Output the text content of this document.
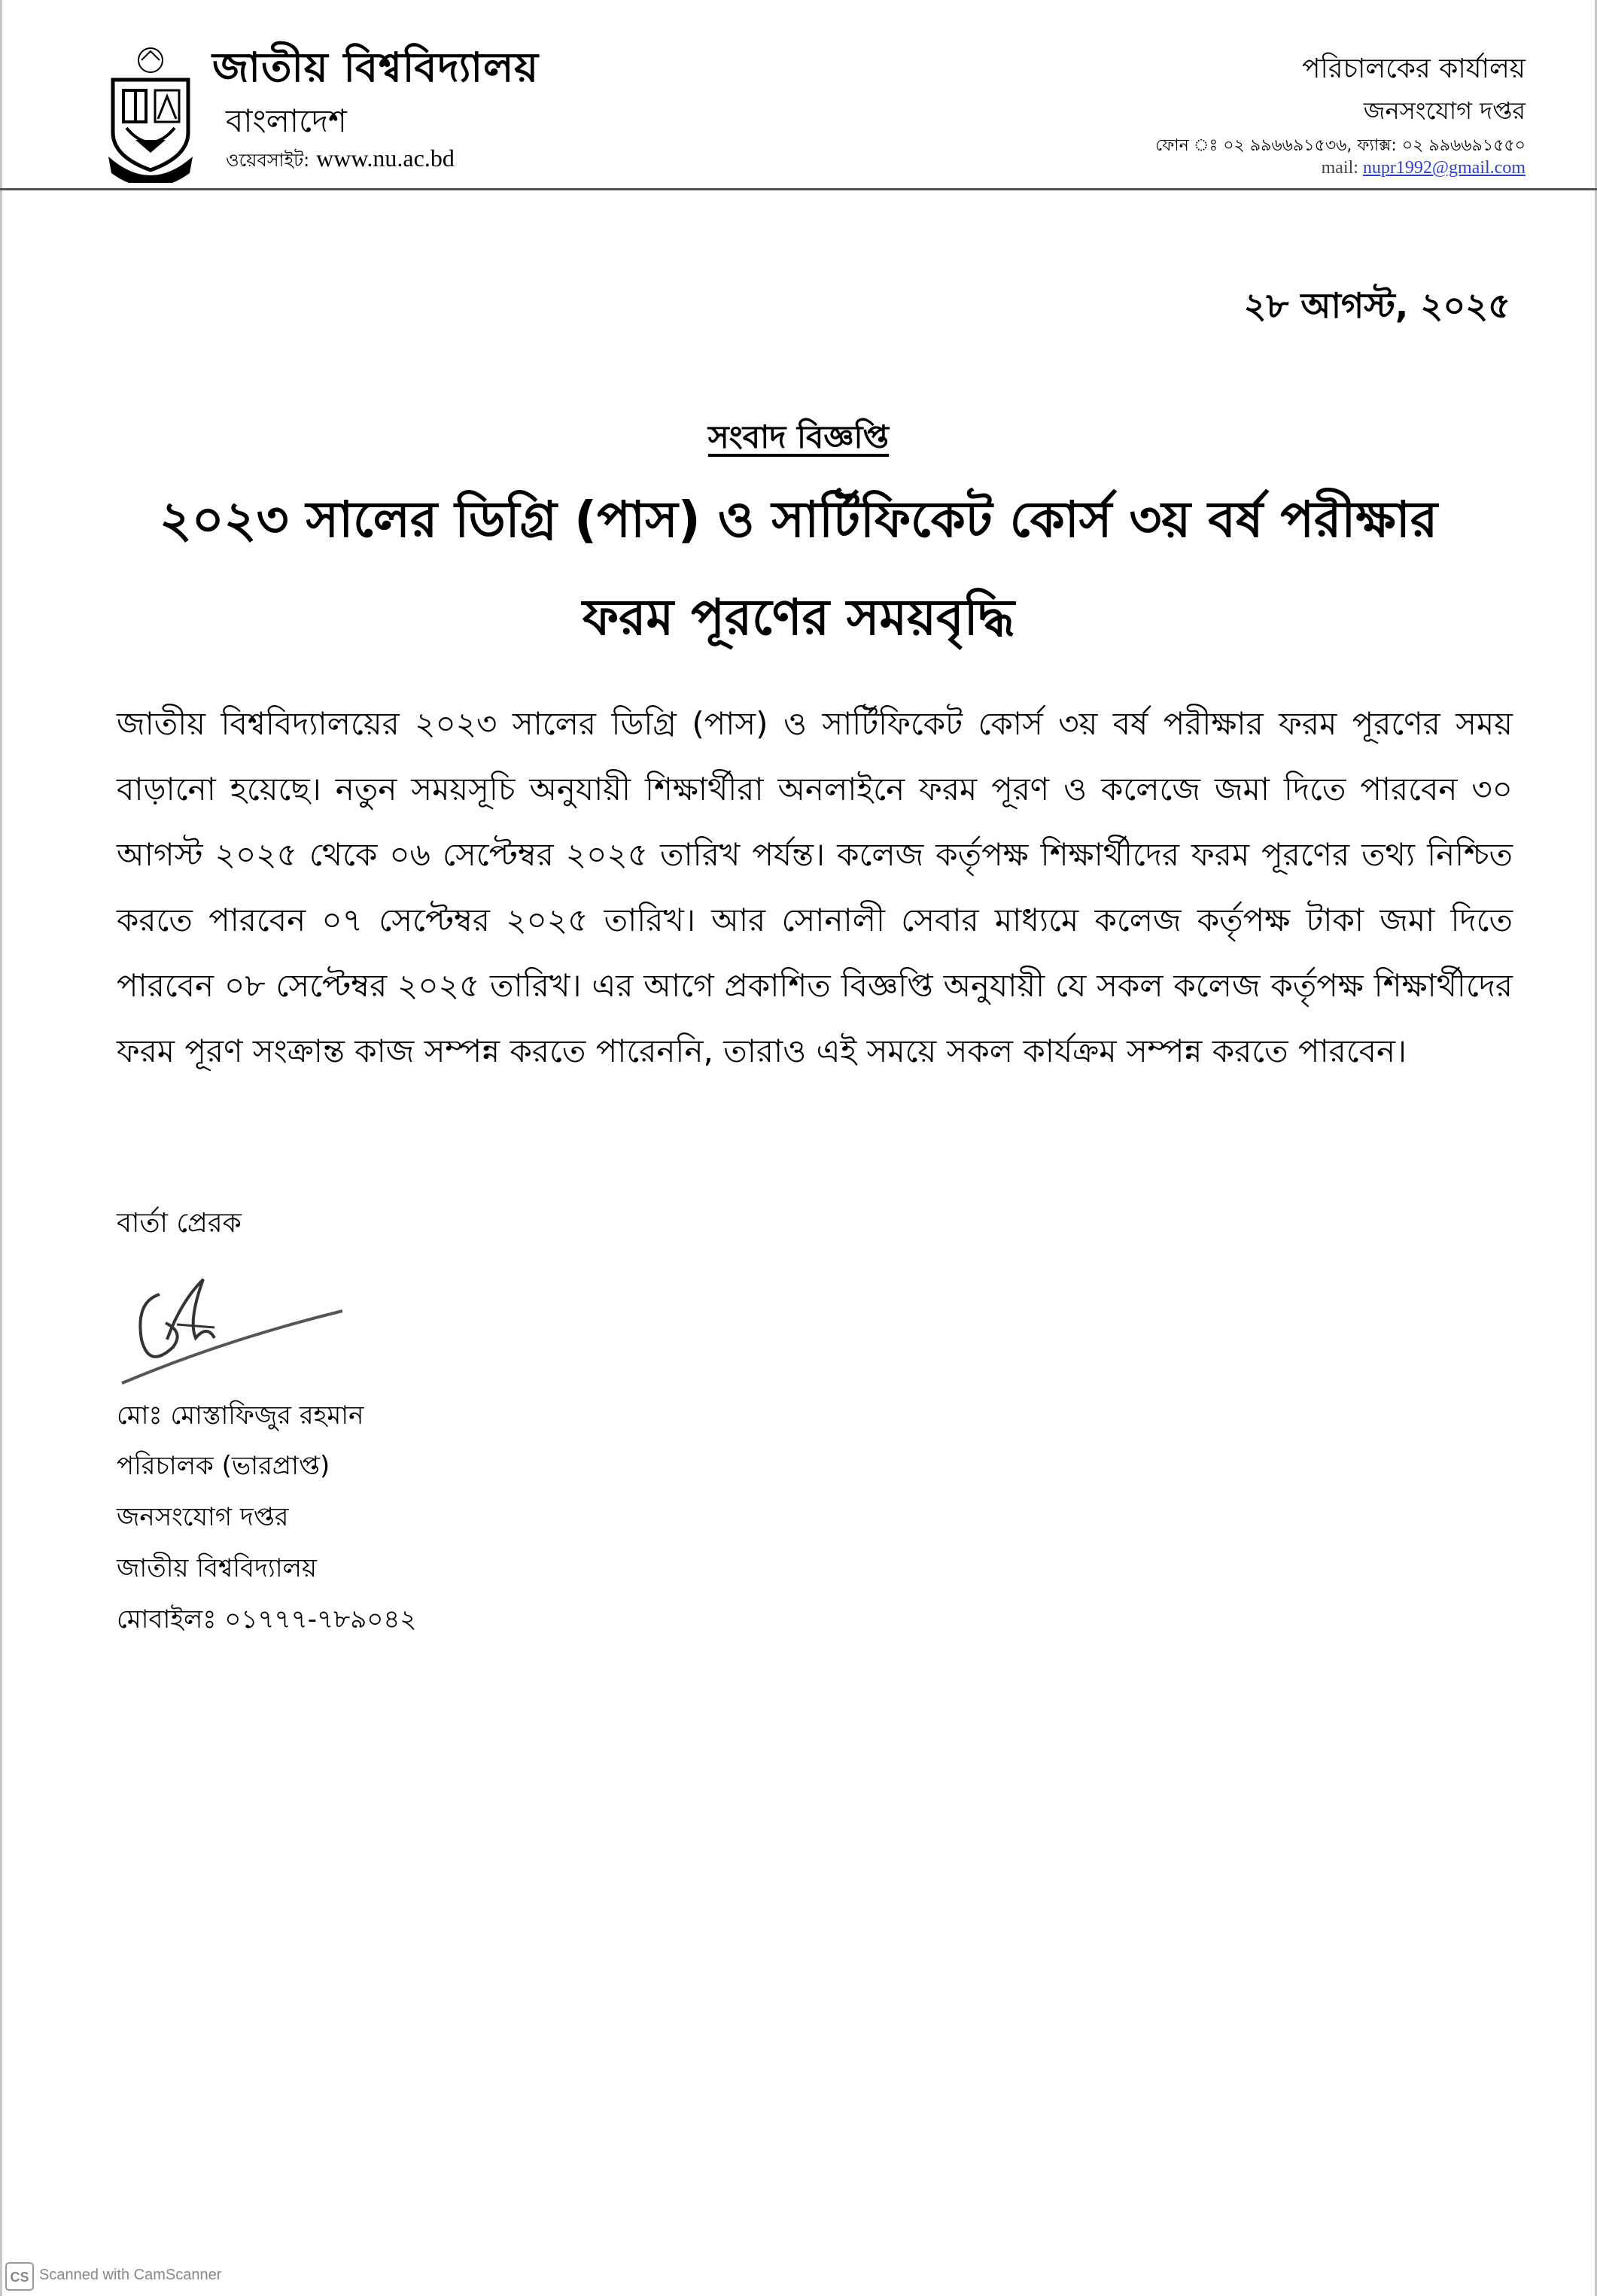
জাতীয় বিশ্ববিদ্যালয়
বাংলাদেশ
ওয়েবসাইট: www.nu.ac.bd
পরিচালকের কার্যালয়
জনসংযোগ দপ্তর
ফোন ঃ ০২ ৯৯৬৬৯১৫৩৬, ফ্যাক্স: ০২ ৯৯৬৬৯১৫৫০
mail: nupr1992@gmail.com
২৮ আগস্ট, ২০২৫
সংবাদ বিজ্ঞপ্তি
২০২৩ সালের ডিগ্রি (পাস) ও সার্টিফিকেট কোর্স ৩য় বর্ষ পরীক্ষার
ফরম পূরণের সময়বৃদ্ধি
জাতীয় বিশ্ববিদ্যালয়ের ২০২৩ সালের ডিগ্রি (পাস) ও সার্টিফিকেট কোর্স ৩য় বর্ষ পরীক্ষার ফরম পূরণের সময় বাড়ানো হয়েছে। নতুন সময়সূচি অনুযায়ী শিক্ষার্থীরা অনলাইনে ফরম পূরণ ও কলেজে জমা দিতে পারবেন ৩০ আগস্ট ২০২৫ থেকে ০৬ সেপ্টেম্বর ২০২৫ তারিখ পর্যন্ত। কলেজ কর্তৃপক্ষ শিক্ষার্থীদের ফরম পূরণের তথ্য নিশ্চিত করতে পারবেন ০৭ সেপ্টেম্বর ২০২৫ তারিখ। আর সোনালী সেবার মাধ্যমে কলেজ কর্তৃপক্ষ টাকা জমা দিতে পারবেন ০৮ সেপ্টেম্বর ২০২৫ তারিখ। এর আগে প্রকাশিত বিজ্ঞপ্তি অনুযায়ী যে সকল কলেজ কর্তৃপক্ষ শিক্ষার্থীদের ফরম পূরণ সংক্রান্ত কাজ সম্পন্ন করতে পারেননি, তারাও এই সময়ে সকল কার্যক্রম সম্পন্ন করতে পারবেন।
বার্তা প্রেরক
মোঃ মোস্তাফিজুর রহমান
পরিচালক (ভারপ্রাপ্ত)
জনসংযোগ দপ্তর
জাতীয় বিশ্ববিদ্যালয়
মোবাইলঃ ০১৭৭৭-৭৮৯০৪২
CS Scanned with CamScanner
